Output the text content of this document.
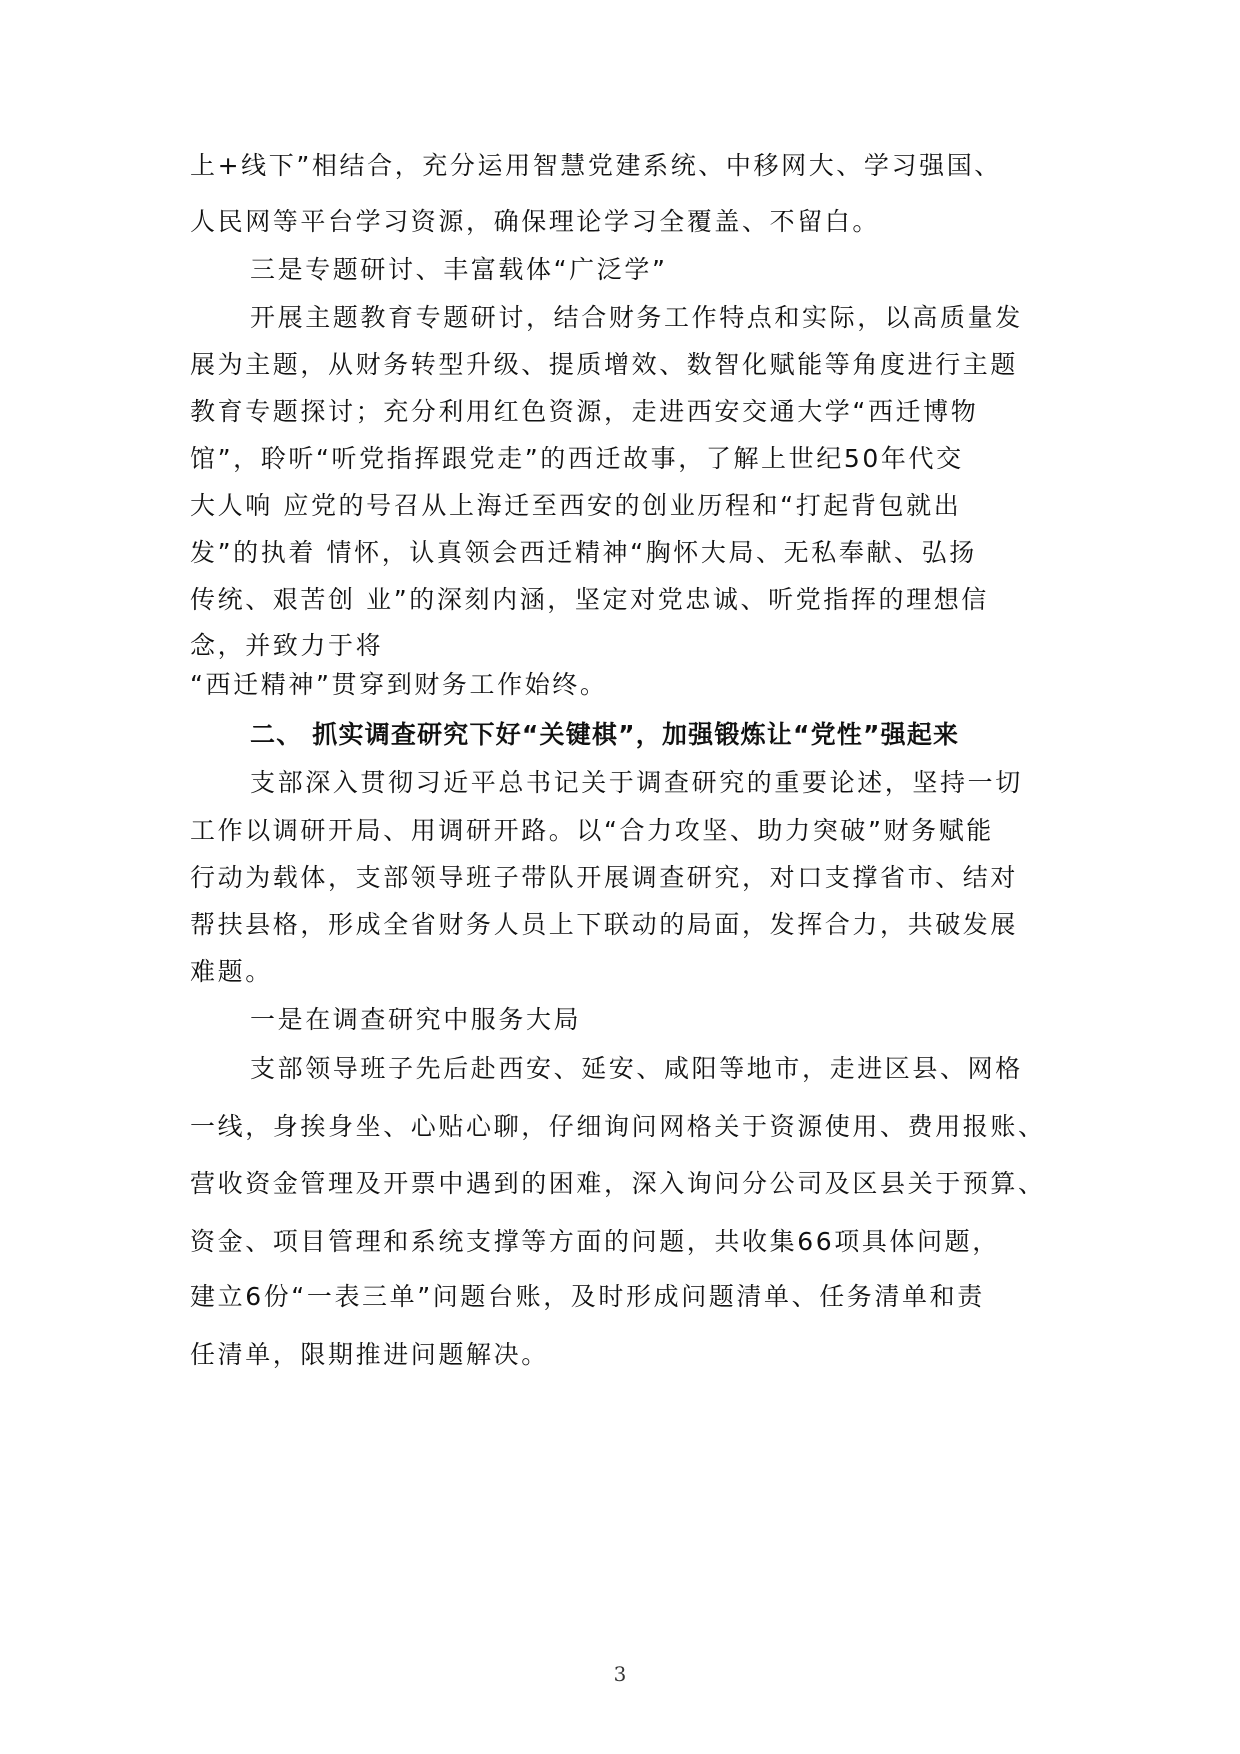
上+线下”相结合，充分运用智慧党建系统、中移网大、学习强国、
人民网等平台学习资源，确保理论学习全覆盖、不留白。
三是专题研讨、丰富载体“广泛学”
开展主题教育专题研讨，结合财务工作特点和实际，以高质量发
展为主题，从财务转型升级、提质增效、数智化赋能等角度进行主题
教育专题探讨；充分利用红色资源，走进西安交通大学“西迁博物
馆”，聆听“听党指挥跟党走”的西迁故事，了解上世纪50年代交
大人响 应党的号召从上海迁至西安的创业历程和“打起背包就出
发”的执着 情怀，认真领会西迁精神“胸怀大局、无私奉献、弘扬
传统、艰苦创 业”的深刻内涵，坚定对党忠诚、听党指挥的理想信
念，并致力于将
“西迁精神”贯穿到财务工作始终。
二、 抓实调查研究下好“关键棋”，加强锻炼让“党性”强起来
支部深入贯彻习近平总书记关于调查研究的重要论述，坚持一切
工作以调研开局、用调研开路。以“合力攻坚、助力突破”财务赋能
行动为载体，支部领导班子带队开展调查研究，对口支撑省市、结对
帮扶县格，形成全省财务人员上下联动的局面，发挥合力，共破发展
难题。
一是在调查研究中服务大局
支部领导班子先后赴西安、延安、咸阳等地市，走进区县、网格
一线，身挨身坐、心贴心聊，仔细询问网格关于资源使用、费用报账、
营收资金管理及开票中遇到的困难，深入询问分公司及区县关于预算、
资金、项目管理和系统支撑等方面的问题，共收集66项具体问题，
建立6份“一表三单”问题台账，及时形成问题清单、任务清单和责
任清单，限期推进问题解决。
3
